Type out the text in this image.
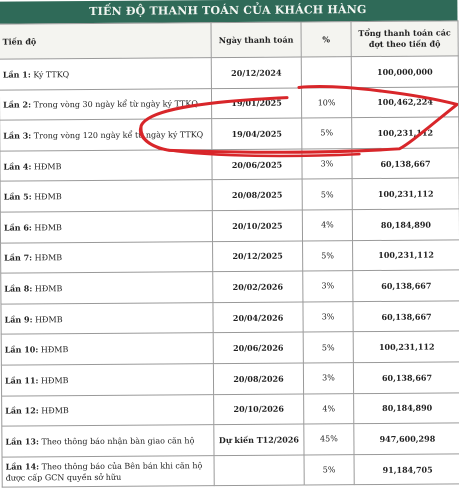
TIẾN ĐỘ THANH TOÁN CỦA KHÁCH HÀNG
Tiến độ	Ngày thanh toán	%	Tổng thanh toán các đợt theo tiến độ

Lần 1: Ký TTKQ	20/12/2024		100,000,000
Lần 2: Trong vòng 30 ngày kể từ ngày ký TTKQ	19/01/2025	10%	100,462,224
Lần 3: Trong vòng 120 ngày kể từ ngày ký TTKQ	19/04/2025	5%	100,231,112
Lần 4: HĐMB	20/06/2025	3%	60,138,667
Lần 5: HĐMB	20/08/2025	5%	100,231,112
Lần 6: HĐMB	20/10/2025	4%	80,184,890
Lần 7: HĐMB	20/12/2025	5%	100,231,112
Lần 8: HĐMB	20/02/2026	3%	60,138,667
Lần 9: HĐMB	20/04/2026	3%	60,138,667
Lần 10: HĐMB	20/06/2026	5%	100,231,112
Lần 11: HĐMB	20/08/2026	3%	60,138,667
Lần 12: HĐMB	20/10/2026	4%	80,184,890
Lần 13: Theo thông báo nhận bàn giao căn hộ	Dự kiến T12/2026	45%	947,600,298
Lần 14: Theo thông báo của Bên bán khi căn hộ được cấp GCN quyền sở hữu		5%	91,184,705
